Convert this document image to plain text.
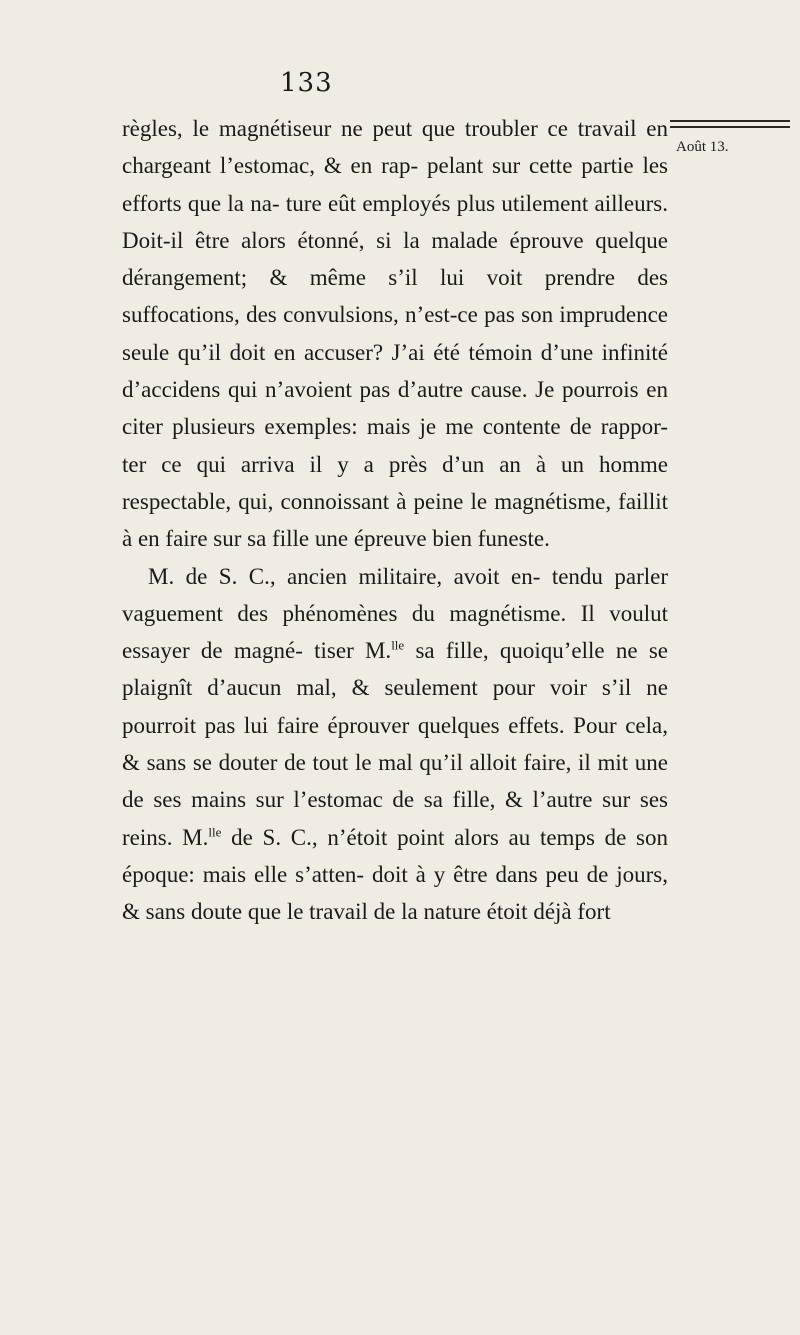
133
Août 13.

règles, le magnétiseur ne peut que troubler ce travail en chargeant l’estomac, & en rap- pelant sur cette partie les efforts que la na- ture eût employés plus utilement ailleurs. Doit-il être alors étonné, si la malade éprouve quelque dérangement; & même s’il lui voit prendre des suffocations, des convulsions, n’est-ce pas son imprudence seule qu’il doit en accuser? J’ai été témoin d’une infinité d’accidens qui n’avoient pas d’autre cause. Je pourrois en citer plusieurs exemples: mais je me contente de rappor- ter ce qui arriva il y a près d’un an à un homme respectable, qui, connoissant à peine le magnétisme, faillit à en faire sur sa fille une épreuve bien funeste.

M. de S. C., ancien militaire, avoit en- tendu parler vaguement des phénomènes du magnétisme. Il voulut essayer de magné- tiser M.$^{lle}$ sa fille, quoiqu’elle ne se plaignît d’aucun mal, & seulement pour voir s’il ne pourroit pas lui faire éprouver quelques effets. Pour cela, & sans se douter de tout le mal qu’il alloit faire, il mit une de ses mains sur l’estomac de sa fille, & l’autre sur ses reins. M.$^{lle}$ de S. C., n’étoit point alors au temps de son époque: mais elle s’atten- doit à y être dans peu de jours, & sans doute que le travail de la nature étoit déjà fort
